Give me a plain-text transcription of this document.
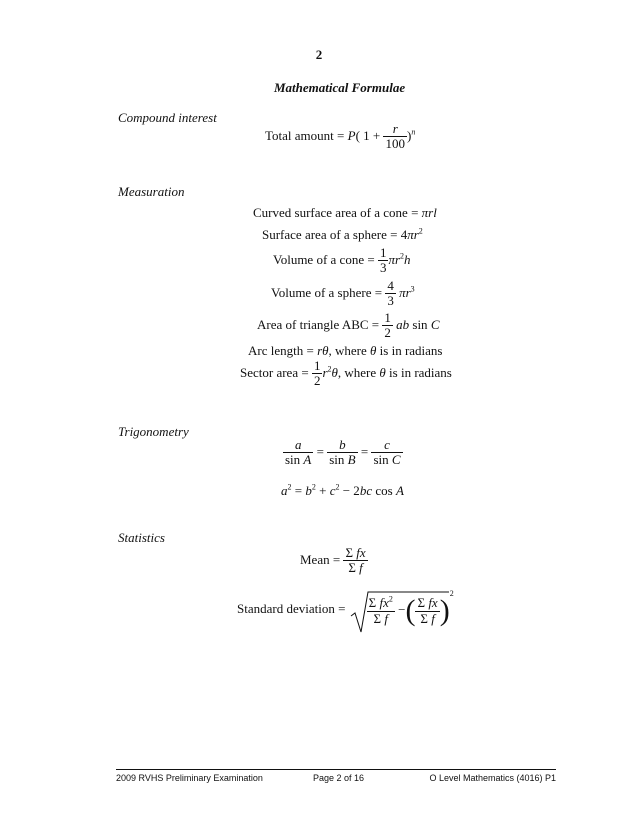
2
Mathematical Formulae
Compound interest
Total amount = P( $1 + \frac{r}{100} )^n$
Measuration
Curved surface area of a cone = πrl
Surface area of a sphere = $4\pi r^2$
Volume of a cone = $\frac{1}{3} \pi r^2h$
Volume of a sphere = $\frac{4}{3} \pi r^3$
Area of triangle ABC = $\frac{1}{2}$ ab sin C
Arc length = rθ, where θ is in radians
Sector area = $\frac{1}{2} r^2\theta$, where θ is in radians
Trigonometry
$\frac{a}{\text{sin A}} = \frac{b}{\text{sin B}} = \frac{c}{\text{sin C}}$
$a^2 = b^2 + c^2 - 2bc$ cos A
Statistics
Mean = $\frac{\text{Σ fx}}{\text{Σ f}}$
Standard deviation = $\frac{\Sigma fx^2}{\text{Σ f}}$ −( $\frac{\text{Σ fx}}{\text{Σ f}} )^2$
2009 RVHS Preliminary Examination	Page 2 of 16	O Level Mathematics (4016) P1
